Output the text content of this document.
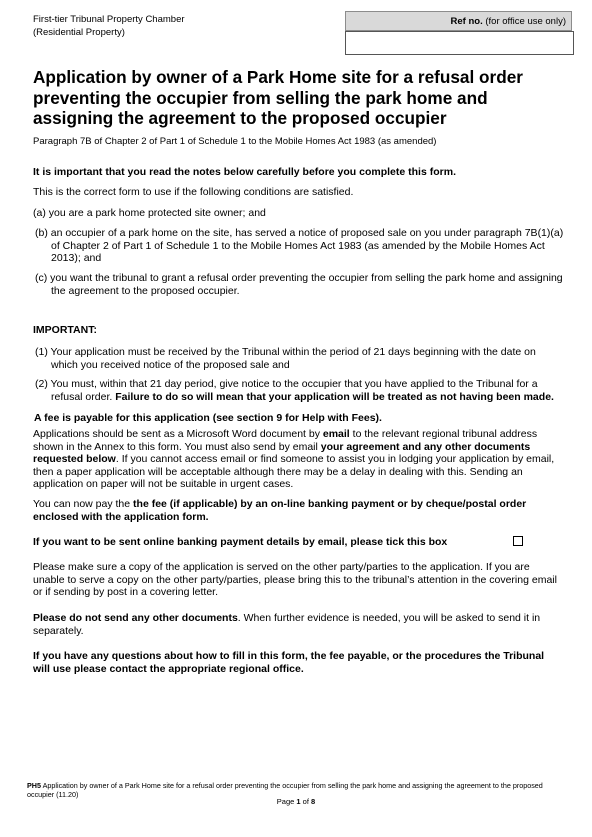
First-tier Tribunal Property Chamber
(Residential Property)
Ref no. (for office use only)
Application by owner of a Park Home site for a refusal order preventing the occupier from selling the park home and assigning the agreement to the proposed occupier
Paragraph 7B of Chapter 2 of Part 1 of Schedule 1 to the Mobile Homes Act 1983 (as amended)
It is important that you read the notes below carefully before you complete this form.
This is the correct form to use if the following conditions are satisfied.
(a) you are a park home protected site owner; and
(b) an occupier of a park home on the site, has served a notice of proposed sale on you under paragraph 7B(1)(a) of Chapter 2 of Part 1 of Schedule 1 to the Mobile Homes Act 1983 (as amended by the Mobile Homes Act 2013); and
(c) you want the tribunal to grant a refusal order preventing the occupier from selling the park home and assigning the agreement to the proposed occupier.
IMPORTANT:
(1) Your application must be received by the Tribunal within the period of 21 days beginning with the date on which you received notice of the proposed sale and
(2) You must, within that 21 day period, give notice to the occupier that you have applied to the Tribunal for a refusal order. Failure to do so will mean that your application will be treated as not having been made.
A fee is payable for this application (see section 9 for Help with Fees).
Applications should be sent as a Microsoft Word document by email to the relevant regional tribunal address shown in the Annex to this form. You must also send by email your agreement and any other documents requested below. If you cannot access email or find someone to assist you in lodging your application by email, then a paper application will be acceptable although there may be a delay in dealing with this. Sending an application on paper will not be suitable in urgent cases.
You can now pay the the fee (if applicable) by an on-line banking payment or by cheque/postal order enclosed with the application form.
If you want to be sent online banking payment details by email, please tick this box
Please make sure a copy of the application is served on the other party/parties to the application. If you are unable to serve a copy on the other party/parties, please bring this to the tribunal’s attention in the covering email or if sending by post in a covering letter.
Please do not send any other documents. When further evidence is needed, you will be asked to send it in separately.
If you have any questions about how to fill in this form, the fee payable, or the procedures the Tribunal will use please contact the appropriate regional office.
PH5 Application by owner of a Park Home site for a refusal order preventing the occupier from selling the park home and assigning the agreement to the proposed occupier (11.20)
Page 1 of 8
